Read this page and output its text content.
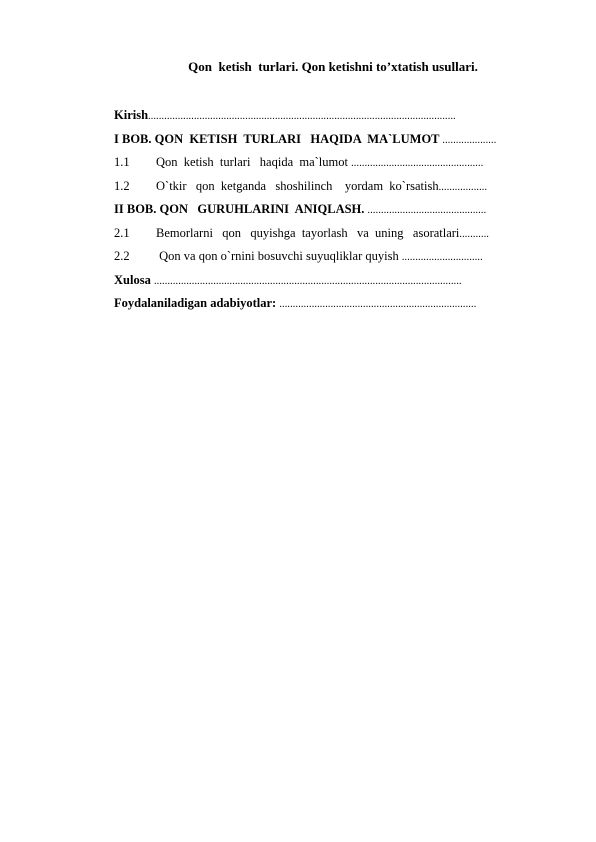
Qon  ketish  turlari. Qon ketishni to’xtatish usullari.
Kirish..................................................................................................................
I BOB. QON  KETISH  TURLARI   HAQIDA  MA`LUMOT ....................
1.1 Qon  ketish  turlari   haqida  ma`lumot .................................................
1.2 O`tkir   qon  ketganda   shoshilinch    yordam  ko`rsatish..................
II BOB. QON   GURUHLARINI  ANIQLASH. ............................................
2.1 Bemorlarni   qon   quyishga  tayorlash   va  uning   asoratlari...........
2.2 Qon va qon o`rnini bosuvchi suyuqliklar quyish ..............................
Xulosa ..................................................................................................................
Foydalaniladigan adabiyotlar: .........................................................................
